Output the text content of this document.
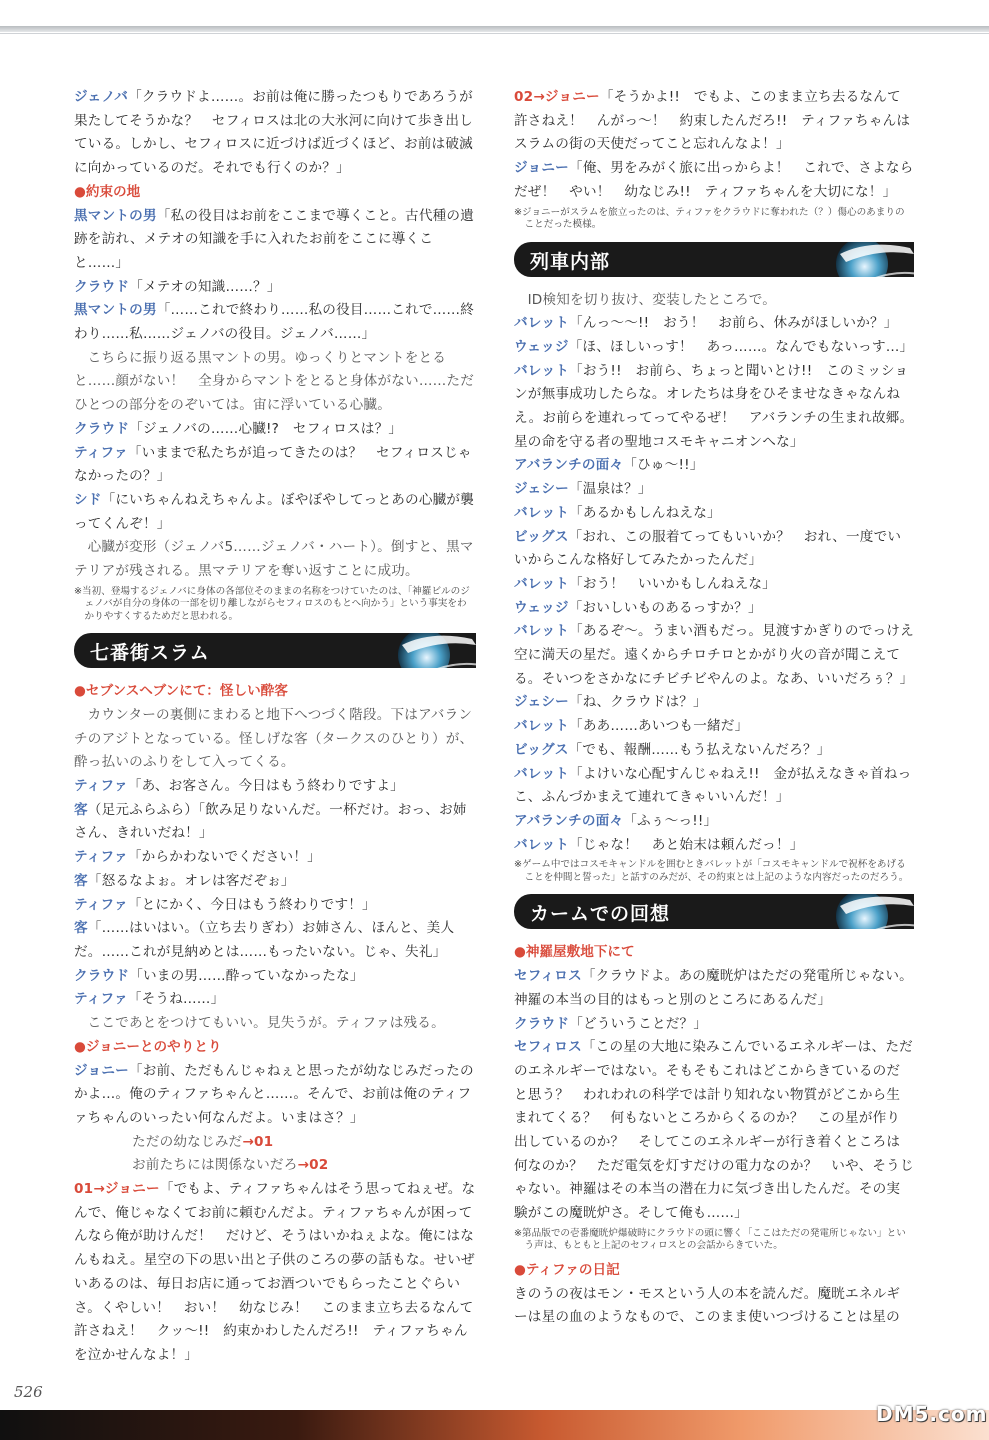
ジェノバ「クラウドよ……。お前は俺に勝ったつもりであろうが果たしてそうかな？　セフィロスは北の大氷河に向けて歩き出している。しかし、セフィロスに近づけば近づくほど、お前は破滅に向かっているのだ。それでも行くのか？」

●約束の地

黒マントの男「私の役目はお前をここまで導くこと。古代種の遺跡を訪れ、メテオの知識を手に入れたお前をここに導くこと……」

クラウド「メテオの知識……？」

黒マントの男「……これで終わり……私の役目……これで……終わり……私……ジェノバの役目。ジェノバ……」

こちらに振り返る黒マントの男。ゆっくりとマントをとると……顔がない！　全身からマントをとると身体がない……ただひとつの部分をのぞいては。宙に浮いている心臓。

クラウド「ジェノバの……心臓!?　セフィロスは？」

ティファ「いままで私たちが追ってきたのは？　セフィロスじゃなかったの？」

シド「にいちゃんねえちゃんよ。ぼやぼやしてっとあの心臓が襲ってくんぞ！」

心臓が変形（ジェノバ5……ジェノバ・ハート）。倒すと、黒マテリアが残される。黒マテリアを奪い返すことに成功。

※当初、登場するジェノバに身体の各部位そのままの名称をつけていたのは、「神羅ビルのジェノバが自分の身体の一部を切り離しながらセフィロスのもとへ向かう」という事実をわかりやすくするためだと思われる。

七番街スラム

●セブンスヘブンにて：怪しい酔客

カウンターの裏側にまわると地下へつづく階段。下はアバランチのアジトとなっている。怪しげな客（タークスのひとり）が、酔っ払いのふりをして入ってくる。

ティファ「あ、お客さん。今日はもう終わりですよ」

客（足元ふらふら）「飲み足りないんだ。一杯だけ。おっ、お姉さん、きれいだね！」

ティファ「からかわないでください！」

客「怒るなよぉ。オレは客だぞぉ」

ティファ「とにかく、今日はもう終わりです！」

客「……はいはい。（立ち去りぎわ）お姉さん、ほんと、美人だ。……これが見納めとは……もったいない。じゃ、失礼」

クラウド「いまの男……酔っていなかったな」

ティファ「そうね……」

ここであとをつけてもいい。見失うが。ティファは残る。

●ジョニーとのやりとり

ジョニー「お前、ただもんじゃねぇと思ったが幼なじみだったのかよ…。俺のティファちゃんと……。そんで、お前は俺のティファちゃんのいったい何なんだよ。いまはさ？」

ただの幼なじみだ→01

お前たちには関係ないだろ→02

01→ジョニー「でもよ、ティファちゃんはそう思ってねぇぜ。なんで、俺じゃなくてお前に頼むんだよ。ティファちゃんが困ってんなら俺が助けんだ！　だけど、そうはいかねぇよな。俺にはなんもねえ。星空の下の思い出と子供のころの夢の話もな。せいぜいあるのは、毎日お店に通ってお酒ついでもらったことぐらいさ。くやしい！　おい！　幼なじみ！　このまま立ち去るなんて許さねえ！　クッ～!!　約束かわしたんだろ!!　ティファちゃんを泣かせんなよ！」

02→ジョニー「そうかよ!!　でもよ、このまま立ち去るなんて許さねえ！　んがっ～！　約束したんだろ!!　ティファちゃんはスラムの街の天使だってこと忘れんなよ！」

ジョニー「俺、男をみがく旅に出っからよ！　これで、さよならだぜ！　やい！　幼なじみ!!　ティファちゃんを大切にな！」

※ジョニーがスラムを旅立ったのは、ティファをクラウドに奪われた（？）傷心のあまりのことだった模様。

列車内部

ID検知を切り抜け、変装したところで。

バレット「んっ～～!!　おう！　お前ら、休みがほしいか？」

ウェッジ「ほ、ほしいっす！　あっ……。なんでもないっす…」

バレット「おう!!　お前ら、ちょっと聞いとけ!!　このミッションが無事成功したらな。オレたちは身をひそませなきゃなんねえ。お前らを連れってってやるぜ！　アバランチの生まれ故郷。星の命を守る者の聖地コスモキャニオンへな」

アバランチの面々「ひゅ～!!」

ジェシー「温泉は？」

バレット「あるかもしんねえな」

ビッグス「おれ、この服着てってもいいか？　おれ、一度でいいからこんな格好してみたかったんだ」

バレット「おう！　いいかもしんねえな」

ウェッジ「おいしいものあるっすか？」

バレット「あるぞ～。うまい酒もだっ。見渡すかぎりのでっけえ空に満天の星だ。遠くからチロチロとかがり火の音が聞こえてる。そいつをさかなにチビチビやんのよ。なあ、いいだろぅ？」

ジェシー「ね、クラウドは？」

バレット「ああ……あいつも一緒だ」

ビッグス「でも、報酬……もう払えないんだろ？」

バレット「よけいな心配すんじゃねえ!!　金が払えなきゃ首ねっこ、ふんづかまえて連れてきゃいいんだ！」

アバランチの面々「ふぅ～っ!!」

バレット「じゃな！　あと始末は頼んだっ！」

※ゲーム中ではコスモキャンドルを囲むときバレットが「コスモキャンドルで祝杯をあげることを仲間と誓った」と話すのみだが、その約束とは上記のような内容だったのだろう。

カームでの回想

●神羅屋敷地下にて

セフィロス「クラウドよ。あの魔晄炉はただの発電所じゃない。神羅の本当の目的はもっと別のところにあるんだ」

クラウド「どういうことだ？」

セフィロス「この星の大地に染みこんでいるエネルギーは、ただのエネルギーではない。そもそもこれはどこからきているのだと思う？　われわれの科学では計り知れない物質がどこから生まれてくる？　何もないところからくるのか？　この星が作り出しているのか？　そしてこのエネルギーが行き着くところは何なのか？　ただ電気を灯すだけの電力なのか？　いや、そうじゃない。神羅はその本当の潜在力に気づき出したんだ。その実験がこの魔晄炉さ。そして俺も……」

※第品版での壱番魔晄炉爆破時にクラウドの頭に響く「ここはただの発電所じゃない」という声は、もともと上記のセフィロスとの会話からきていた。

●ティファの日記

きのうの夜はモン・モスという人の本を読んだ。魔晄エネルギーは星の血のようなもので、このまま使いつづけることは星の

526
DM5.com
